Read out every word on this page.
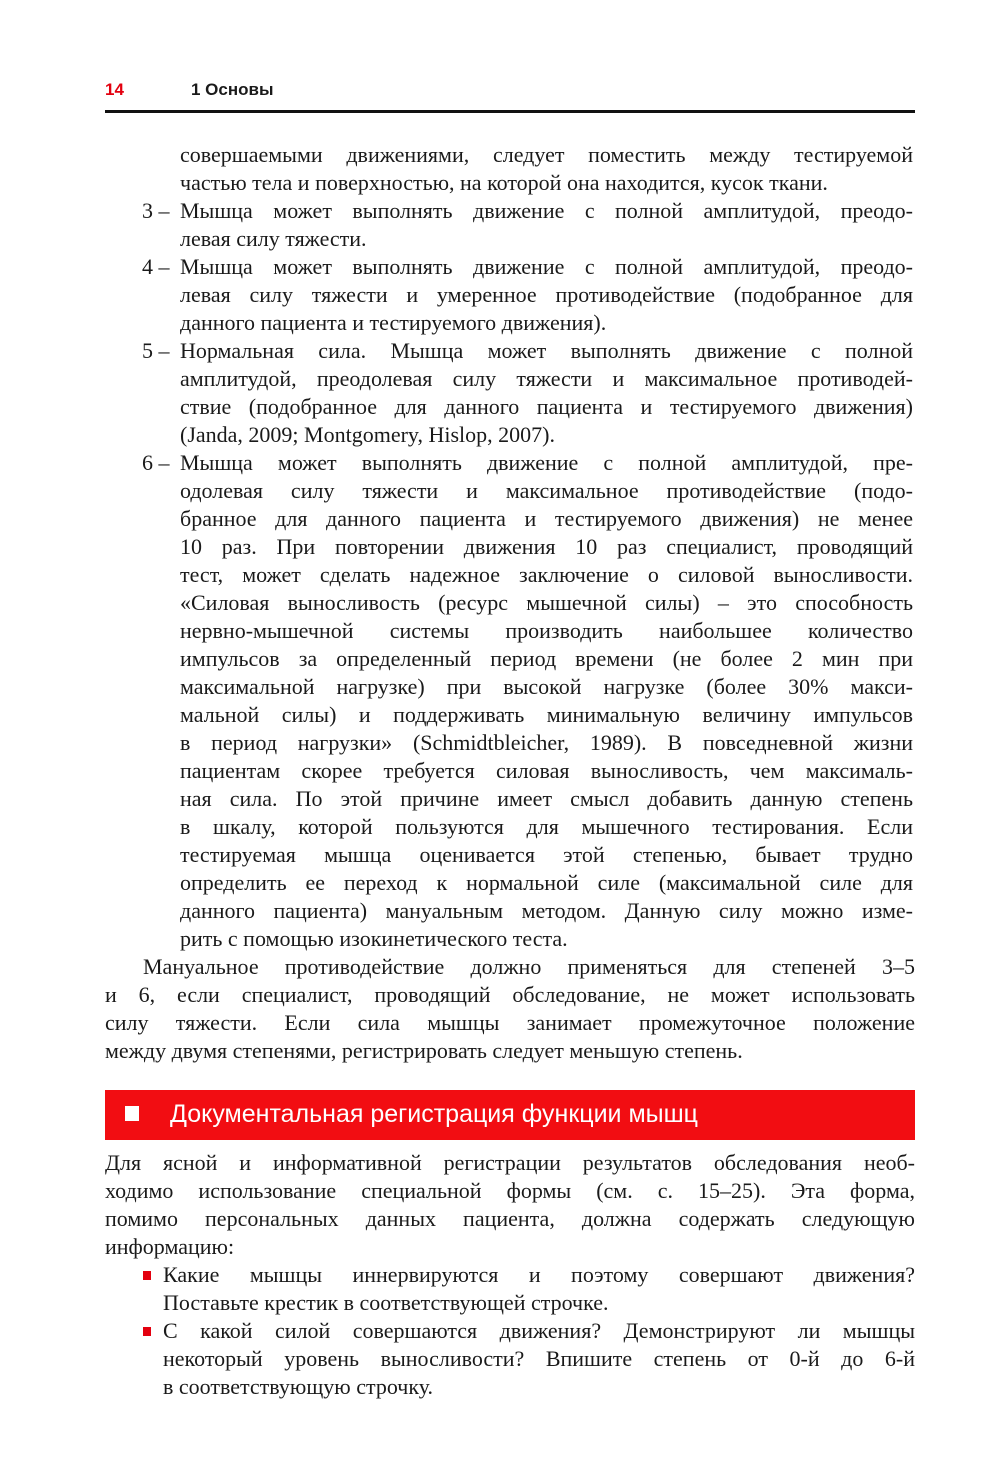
14	1 Основы
совершаемыми движениями, следует поместить между тестируемой
частью тела и поверхностью, на которой она находится, кусок ткани.
3 – Мышца может выполнять движение с полной амплитудой, преодо-
левая силу тяжести.
4 – Мышца может выполнять движение с полной амплитудой, преодо-
левая силу тяжести и умеренное противодействие (подобранное для
данного пациента и тестируемого движения).
5 – Нормальная сила. Мышца может выполнять движение с полной
амплитудой, преодолевая силу тяжести и максимальное противодей-
ствие (подобранное для данного пациента и тестируемого движения)
(Janda, 2009; Montgomery, Hislop, 2007).
6 – Мышца может выполнять движение с полной амплитудой, пре-
одолевая силу тяжести и максимальное противодействие (подо-
бранное для данного пациента и тестируемого движения) не менее
10 раз. При повторении движения 10 раз специалист, проводящий
тест, может сделать надежное заключение о силовой выносливости.
«Силовая выносливость (ресурс мышечной силы) – это способность
нервно-мышечной системы производить наибольшее количество
импульсов за определенный период времени (не более 2 мин при
максимальной нагрузке) при высокой нагрузке (более 30% макси-
мальной силы) и поддерживать минимальную величину импульсов
в период нагрузки» (Schmidtbleicher, 1989). В повседневной жизни
пациентам скорее требуется силовая выносливость, чем максималь-
ная сила. По этой причине имеет смысл добавить данную степень
в шкалу, которой пользуются для мышечного тестирования. Если
тестируемая мышца оценивается этой степенью, бывает трудно
определить ее переход к нормальной силе (максимальной силе для
данного пациента) мануальным методом. Данную силу можно изме-
рить с помощью изокинетического теста.
Мануальное противодействие должно применяться для степеней 3–5
и 6, если специалист, проводящий обследование, не может использовать
силу тяжести. Если сила мышцы занимает промежуточное положение
между двумя степенями, регистрировать следует меньшую степень.
Документальная регистрация функции мышц
Для ясной и информативной регистрации результатов обследования необ-
ходимо использование специальной формы (см. с. 15–25). Эта форма,
помимо персональных данных пациента, должна содержать следующую
информацию:
Какие мышцы иннервируются и поэтому совершают движения?
Поставьте крестик в соответствующей строчке.
С какой силой совершаются движения? Демонстрируют ли мышцы
некоторый уровень выносливости? Впишите степень от 0-й до 6-й
в соответствующую строчку.
